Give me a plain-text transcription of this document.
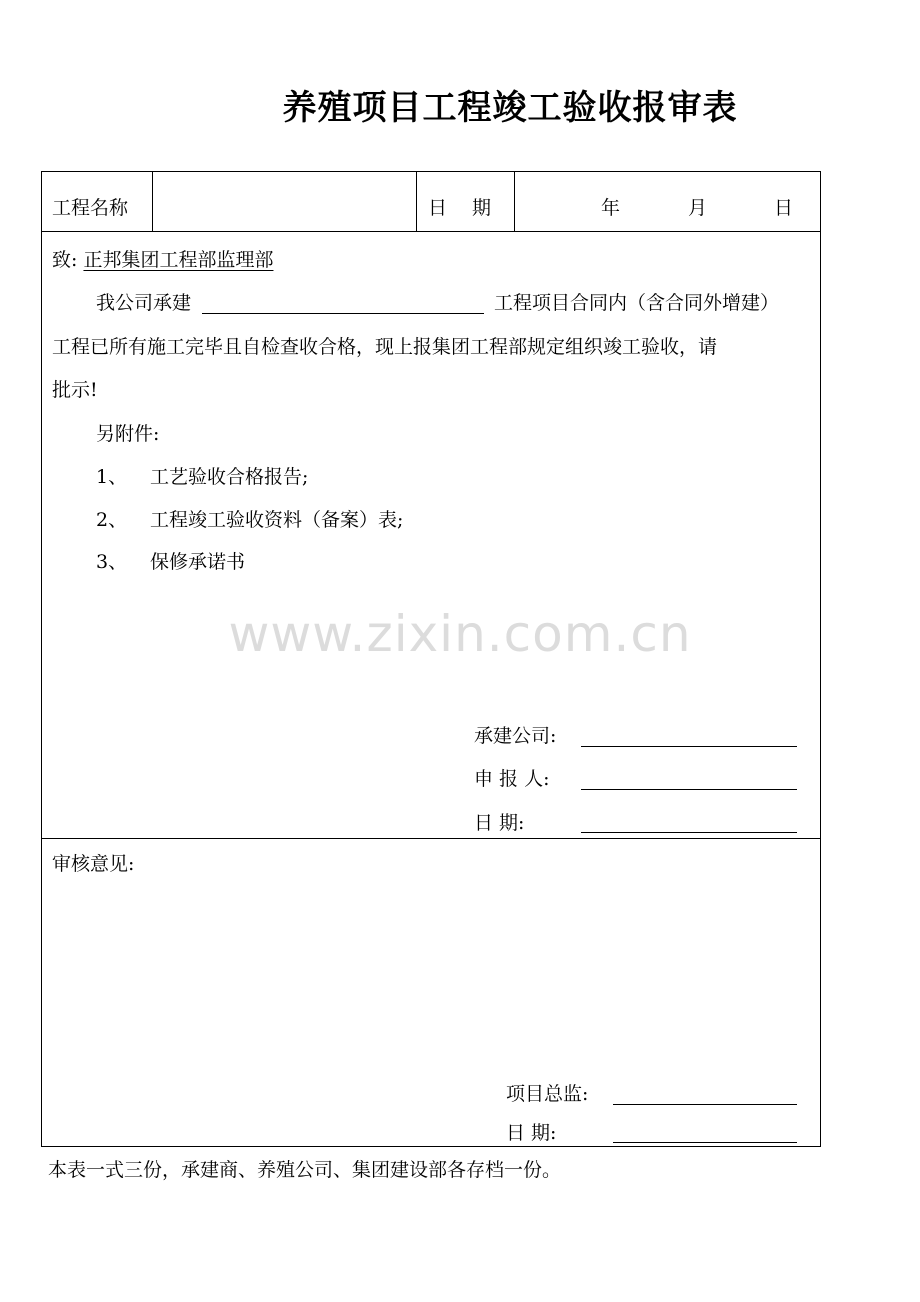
养殖项目工程竣工验收报审表
工程名称	日 期	年	月	日
致: 正邦集团工程部监理部
我公司承建	工程项目合同内（含合同外增建）
工程已所有施工完毕且自检查收合格，现上报集团工程部规定组织竣工验收，请
批示!
另附件:
1、 工艺验收合格报告;
2、 工程竣工验收资料（备案）表;
3、 保修承诺书
承建公司:
申 报 人:
日 期:
审核意见:
项目总监:
日 期:
www.zixin.com.cn
本表一式三份，承建商、养殖公司、集团建设部各存档一份。
